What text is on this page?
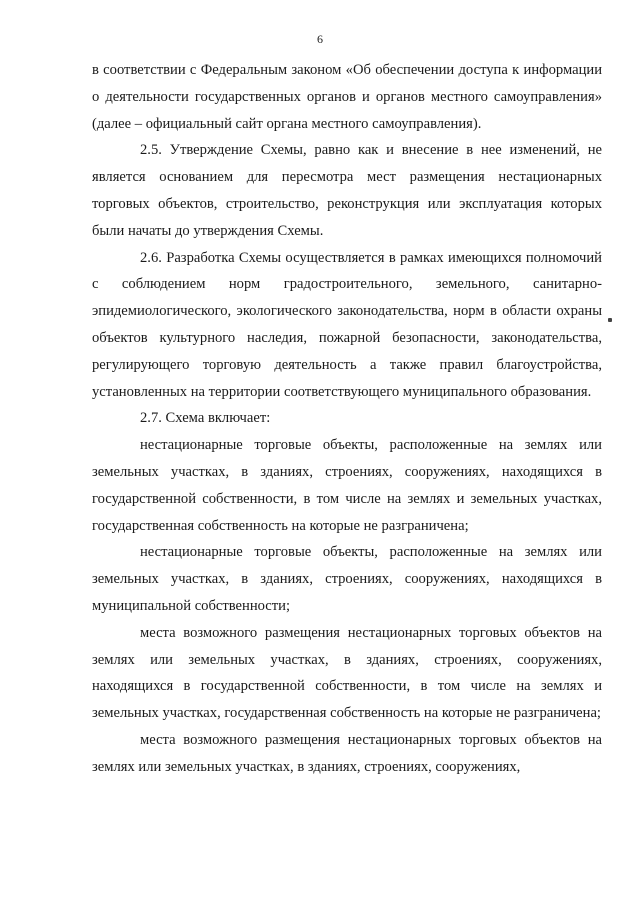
6

в соответствии с Федеральным законом «Об обеспечении доступа к информации о деятельности государственных органов и органов местного самоуправления» (далее – официальный сайт органа местного самоуправления).

2.5. Утверждение Схемы, равно как и внесение в нее изменений, не является основанием для пересмотра мест размещения нестационарных торговых объектов, строительство, реконструкция или эксплуатация которых были начаты до утверждения Схемы.

2.6. Разработка Схемы осуществляется в рамках имеющихся полномочий с соблюдением норм градостроительного, земельного, санитарно-эпидемиологического, экологического законодательства, норм в области охраны объектов культурного наследия, пожарной безопасности, законодательства, регулирующего торговую деятельность а также правил благоустройства, установленных на территории соответствующего муниципального образования.

2.7. Схема включает:

нестационарные торговые объекты, расположенные на землях или земельных участках, в зданиях, строениях, сооружениях, находящихся в государственной собственности, в том числе на землях и земельных участках, государственная собственность на которые не разграничена;

нестационарные торговые объекты, расположенные на землях или земельных участках, в зданиях, строениях, сооружениях, находящихся в муниципальной собственности;

места возможного размещения нестационарных торговых объектов на землях или земельных участках, в зданиях, строениях, сооружениях, находящихся в государственной собственности, в том числе на землях и земельных участках, государственная собственность на которые не разграничена;

места возможного размещения нестационарных торговых объектов на землях или земельных участках, в зданиях, строениях, сооружениях,
